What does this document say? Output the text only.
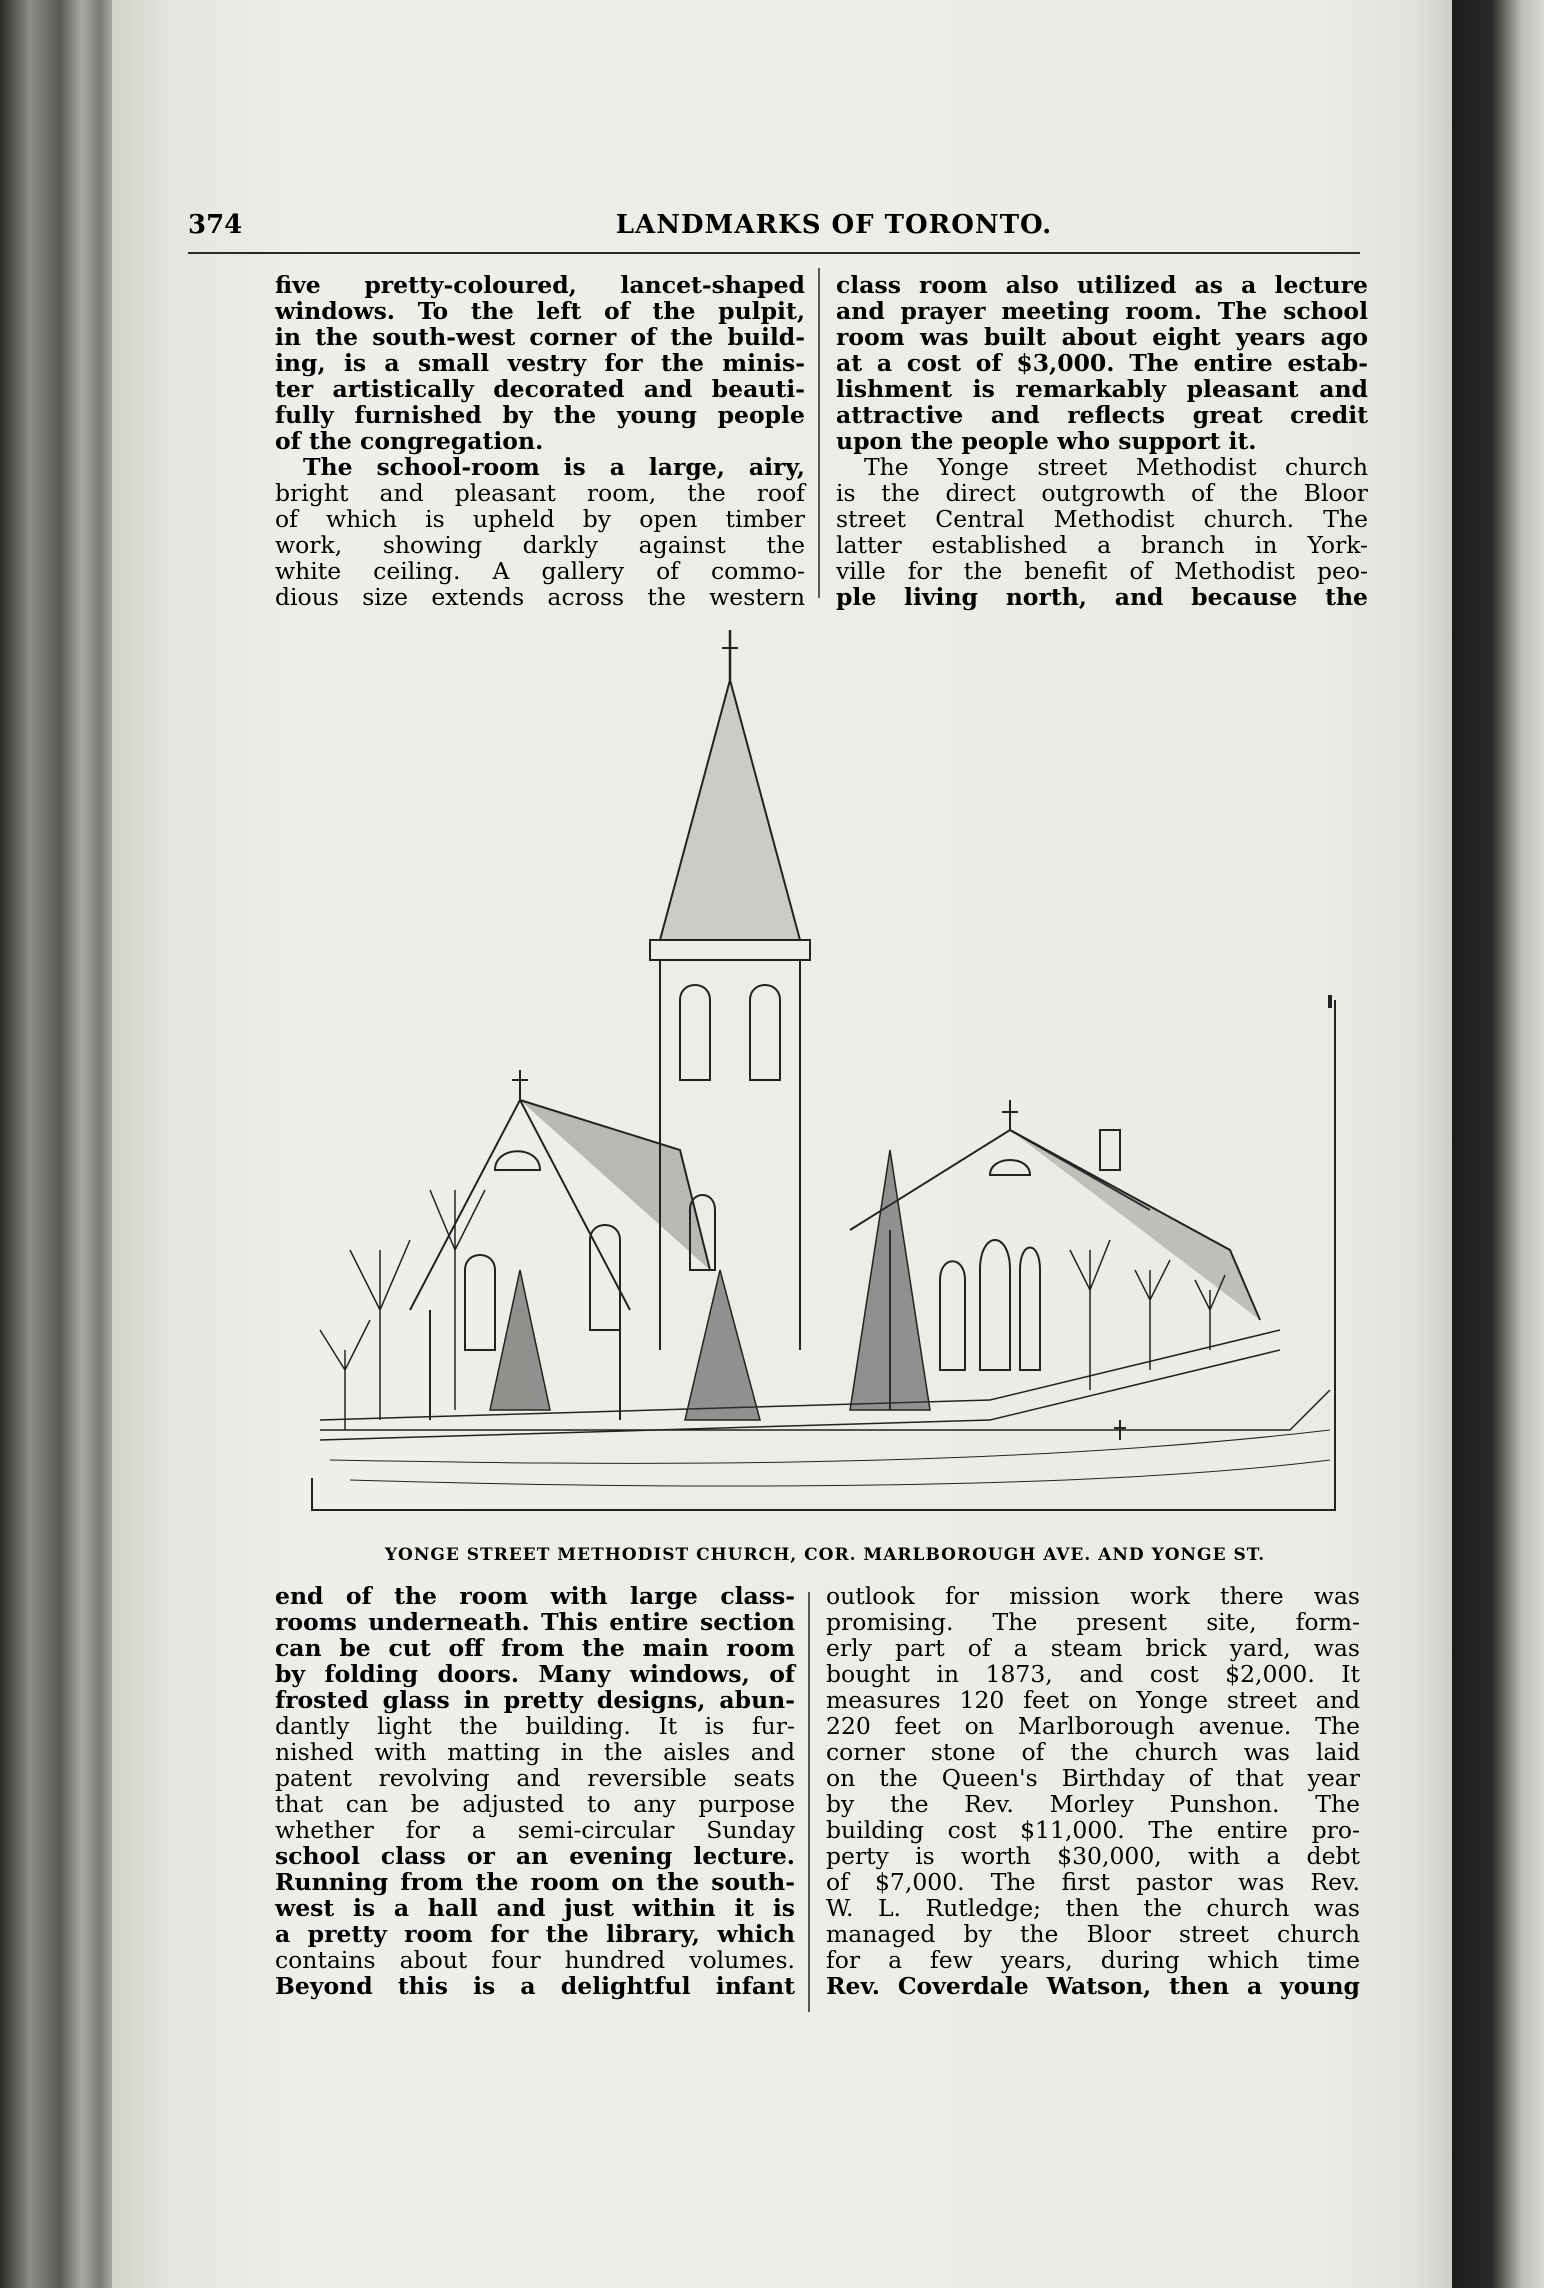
374	LANDMARKS OF TORONTO.
five pretty-coloured, lancet-shaped
windows. To the left of the pulpit,
in the south-west corner of the build-
ing, is a small vestry for the minis-
ter artistically decorated and beauti-
fully furnished by the young people
of the congregation.
The school-room is a large, airy,
bright and pleasant room, the roof
of which is upheld by open timber
work, showing darkly against the
white ceiling. A gallery of commo-
dious size extends across the western
class room also utilized as a lecture
and prayer meeting room. The school
room was built about eight years ago
at a cost of $3,000. The entire estab-
lishment is remarkably pleasant and
attractive and reflects great credit
upon the people who support it.
The Yonge street Methodist church
is the direct outgrowth of the Bloor
street Central Methodist church. The
latter established a branch in York-
ville for the benefit of Methodist peo-
ple living north, and because the
YONGE STREET METHODIST CHURCH, COR. MARLBOROUGH AVE. AND YONGE ST.
end of the room with large class-
rooms underneath. This entire section
can be cut off from the main room
by folding doors. Many windows, of
frosted glass in pretty designs, abun-
dantly light the building. It is fur-
nished with matting in the aisles and
patent revolving and reversible seats
that can be adjusted to any purpose
whether for a semi-circular Sunday
school class or an evening lecture.
Running from the room on the south-
west is a hall and just within it is
a pretty room for the library, which
contains about four hundred volumes.
Beyond this is a delightful infant
outlook for mission work there was
promising. The present site, form-
erly part of a steam brick yard, was
bought in 1873, and cost $2,000. It
measures 120 feet on Yonge street and
220 feet on Marlborough avenue. The
corner stone of the church was laid
on the Queen's Birthday of that year
by the Rev. Morley Punshon. The
building cost $11,000. The entire pro-
perty is worth $30,000, with a debt
of $7,000. The first pastor was Rev.
W. L. Rutledge; then the church was
managed by the Bloor street church
for a few years, during which time
Rev. Coverdale Watson, then a young
